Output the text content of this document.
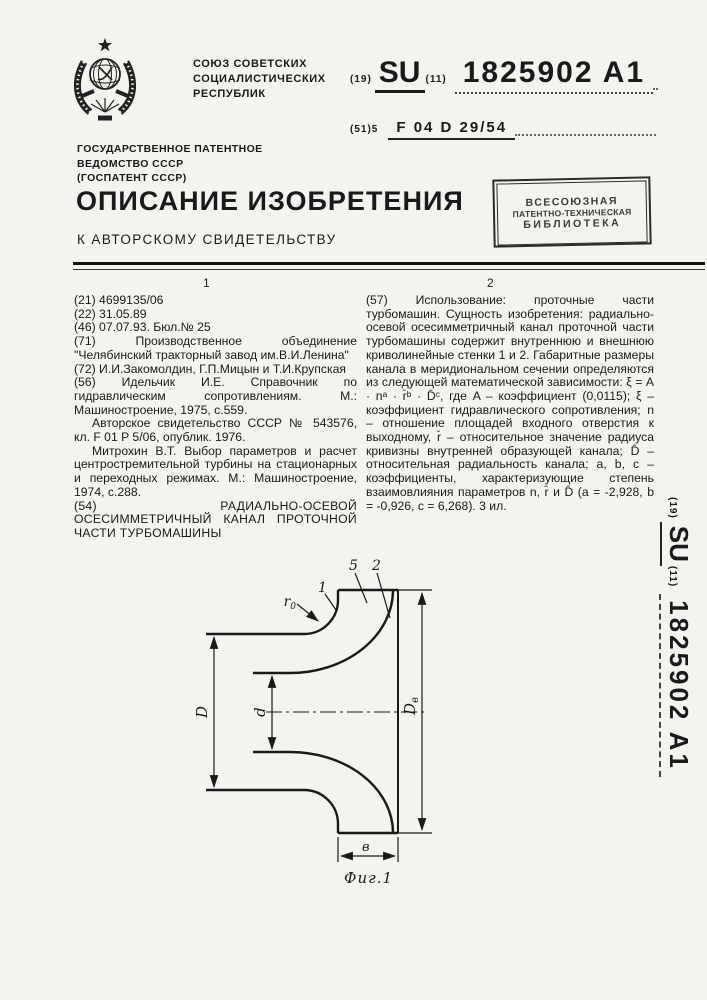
СОЮЗ СОВЕТСКИХ
СОЦИАЛИСТИЧЕСКИХ
РЕСПУБЛИК
(19) SU (11) 1825902 A1
(51)5	F 04 D 29/54
ГОСУДАРСТВЕННОЕ ПАТЕНТНОЕ
ВЕДОМСТВО СССР
(ГОСПАТЕНТ СССР)
ВСЕСОЮЗНАЯ
ПАТЕНТНО-ТЕХНИЧЕСКАЯ
БИБЛИОТЕКА
ОПИСАНИЕ ИЗОБРЕТЕНИЯ
К АВТОРСКОМУ СВИДЕТЕЛЬСТВУ
1	2

(21) 4699135/06

(22) 31.05.89

(46) 07.07.93. Бюл.№ 25

(71) Производственное объединение "Челябинский тракторный завод им.В.И.Ленина"

(72) И.И.Закомолдин, Г.П.Мицын и Т.И.Крупская

(56) Идельчик И.Е. Справочник по гидравлическим сопротивлениям. М.: Машиностроение, 1975, с.559.

Авторское свидетельство СССР № 543576, кл. F 01 P 5/06, опублик. 1976.

Митрохин В.Т. Выбор параметров и расчет центростремительной турбины на стационарных и переходных режимах. М.: Машиностроение, 1974, с.288.

(54) РАДИАЛЬНО-ОСЕВОЙ ОСЕСИММЕТРИЧНЫЙ КАНАЛ ПРОТОЧНОЙ ЧАСТИ ТУРБОМАШИНЫ

(57) Использование: проточные части турбомашин. Сущность изобретения: радиально-осевой осесимметричный канал проточной части турбомашины содержит внутреннюю и внешнюю криволинейные стенки 1 и 2. Габаритные размеры канала в меридиональном сечении определяются из следующей математической зависимости: ξ = A · nᵃ · r̄ᵇ · D̄ᶜ, где A – коэффициент (0,0115); ξ – коэффициент гидравлического сопротивления; n – отношение площадей входного отверстия к выходному, r̄ – относительное значение радиуса кривизны внутренней образующей канала; D̄ – относительная радиальность канала; a, b, c – коэффициенты, характеризующие степень взаимовлияния параметров n, r̄ и D̄ (a = -2,928, b = -0,926, c = 6,268). 3 ил.

$r_0$
1
5 2
D	d	$D_в$
в
Фиг.1
(19)
SU
(11)
1825902 A1
